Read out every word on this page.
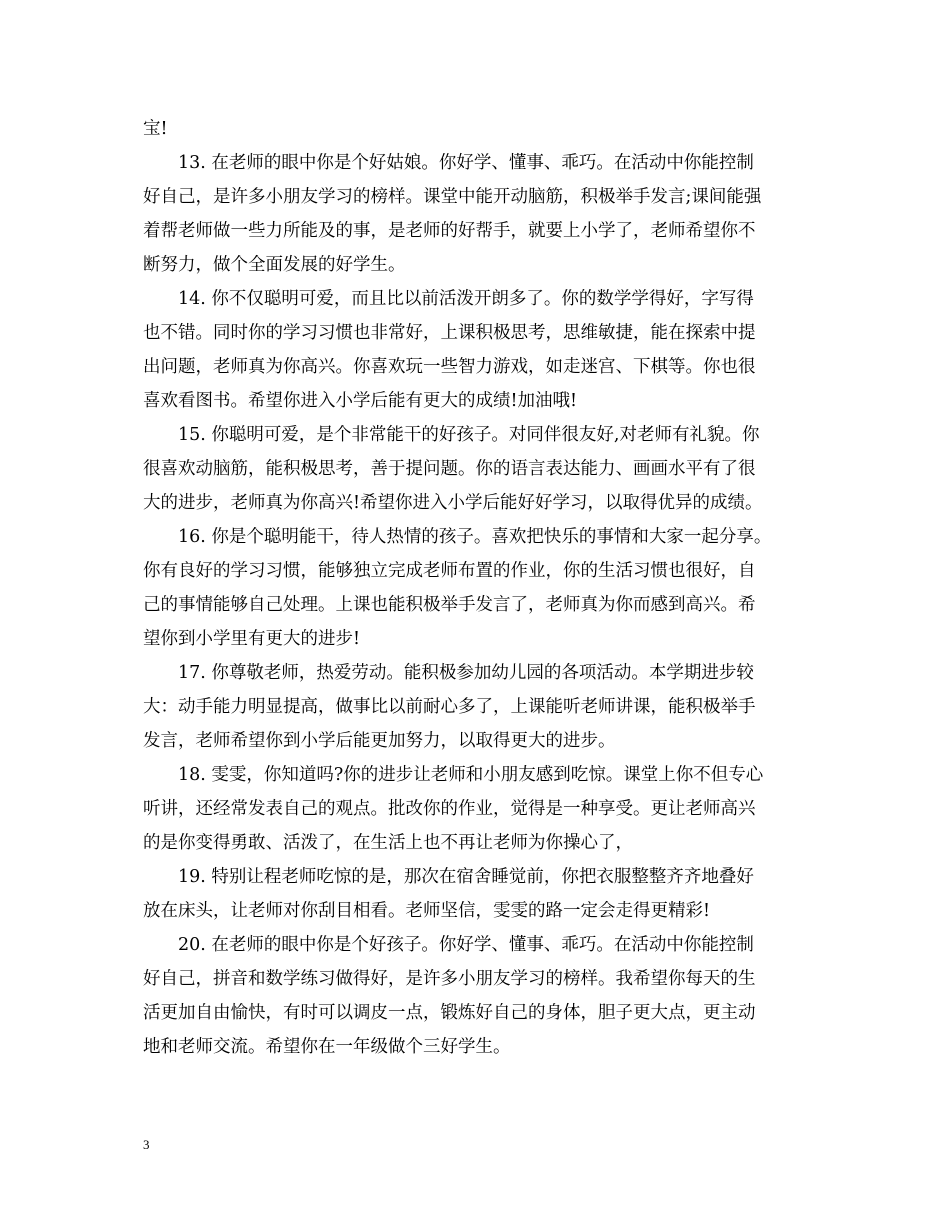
宝!

13. 在老师的眼中你是个好姑娘。你好学、懂事、乖巧。在活动中你能控制

好自己，是许多小朋友学习的榜样。课堂中能开动脑筋，积极举手发言;课间能强

着帮老师做一些力所能及的事，是老师的好帮手，就要上小学了，老师希望你不

断努力，做个全面发展的好学生。

14. 你不仅聪明可爱，而且比以前活泼开朗多了。你的数学学得好，字写得

也不错。同时你的学习习惯也非常好，上课积极思考，思维敏捷，能在探索中提

出问题，老师真为你高兴。你喜欢玩一些智力游戏，如走迷宫、下棋等。你也很

喜欢看图书。希望你进入小学后能有更大的成绩!加油哦!

15. 你聪明可爱，是个非常能干的好孩子。对同伴很友好,对老师有礼貌。你

很喜欢动脑筋，能积极思考，善于提问题。你的语言表达能力、画画水平有了很

大的进步，老师真为你高兴!希望你进入小学后能好好学习，以取得优异的成绩。

16. 你是个聪明能干，待人热情的孩子。喜欢把快乐的事情和大家一起分享。

你有良好的学习习惯，能够独立完成老师布置的作业，你的生活习惯也很好，自

己的事情能够自己处理。上课也能积极举手发言了，老师真为你而感到高兴。希

望你到小学里有更大的进步!

17. 你尊敬老师，热爱劳动。能积极参加幼儿园的各项活动。本学期进步较

大：动手能力明显提高，做事比以前耐心多了，上课能听老师讲课，能积极举手

发言，老师希望你到小学后能更加努力，以取得更大的进步。

18. 雯雯，你知道吗?你的进步让老师和小朋友感到吃惊。课堂上你不但专心

听讲，还经常发表自己的观点。批改你的作业，觉得是一种享受。更让老师高兴

的是你变得勇敢、活泼了，在生活上也不再让老师为你操心了，

19. 特别让程老师吃惊的是，那次在宿舍睡觉前，你把衣服整整齐齐地叠好

放在床头，让老师对你刮目相看。老师坚信，雯雯的路一定会走得更精彩!

20. 在老师的眼中你是个好孩子。你好学、懂事、乖巧。在活动中你能控制

好自己，拼音和数学练习做得好，是许多小朋友学习的榜样。我希望你每天的生

活更加自由愉快，有时可以调皮一点，锻炼好自己的身体，胆子更大点，更主动

地和老师交流。希望你在一年级做个三好学生。

3
